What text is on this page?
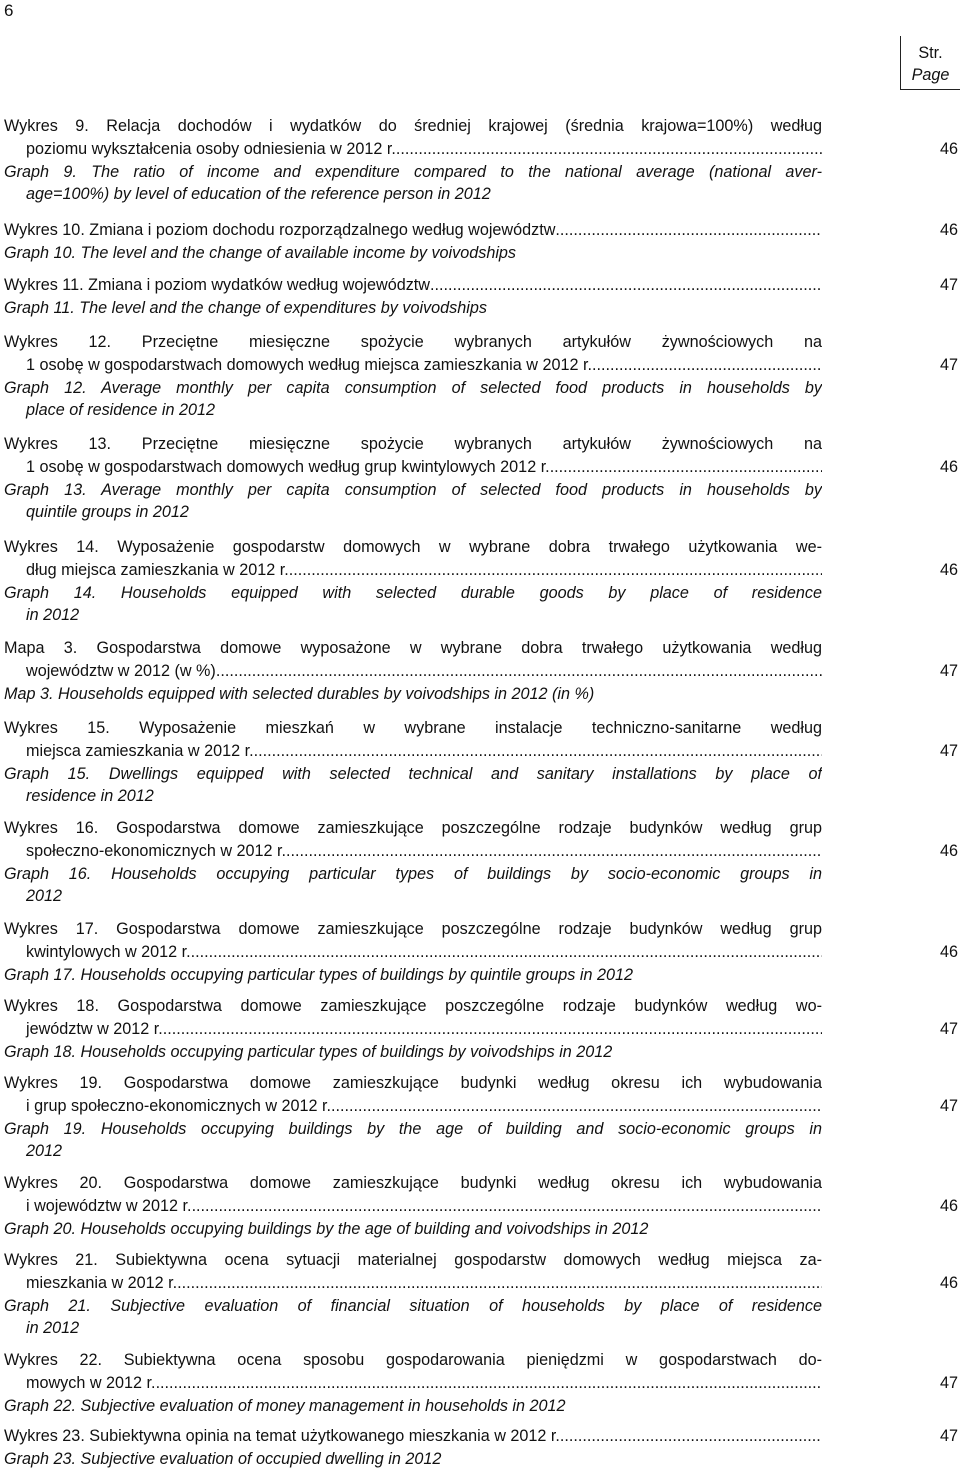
6
Str.
Page
Wykres 9. Relacja dochodów i wydatków do średniej krajowej (średnia krajowa=100%) według
poziomu wykształcenia osoby odniesienia w 2012 r.
.....
Graph 9. The ratio of income and expenditure compared to the national average (national aver-
age=100%) by level of education of the reference person in 2012
46
Wykres 10. Zmiana i poziom dochodu rozporządzalnego według województw
.....
Graph 10. The level and the change of available income by voivodships
46
Wykres 11. Zmiana i poziom wydatków według województw
.....
Graph 11. The level and the change of expenditures by voivodships
47
Wykres 12. Przeciętne miesięczne spożycie wybranych artykułów żywnościowych na
1 osobę w gospodarstwach domowych według miejsca zamieszkania w 2012 r.
.....
Graph 12. Average monthly per capita consumption of selected food products in households by
place of residence in 2012
47
Wykres 13. Przeciętne miesięczne spożycie wybranych artykułów żywnościowych na
1 osobę w gospodarstwach domowych według grup kwintylowych 2012 r.
.....
Graph 13. Average monthly per capita consumption of selected food products in households by
quintile groups in 2012
46
Wykres 14. Wyposażenie gospodarstw domowych w wybrane dobra trwałego użytkowania we-
dług miejsca zamieszkania w 2012 r.
.....
Graph 14. Households equipped with selected durable goods by place of residence
in 2012
46
Mapa 3. Gospodarstwa domowe wyposażone w wybrane dobra trwałego użytkowania według
województw w 2012 (w %)
.....
Map 3. Households equipped with selected durables by voivodships in 2012 (in %)
47
Wykres 15. Wyposażenie mieszkań w wybrane instalacje techniczno-sanitarne według
miejsca zamieszkania w 2012 r.
.....
Graph 15. Dwellings equipped with selected technical and sanitary installations by place of
residence in 2012
47
Wykres 16. Gospodarstwa domowe zamieszkujące poszczególne rodzaje budynków według grup
społeczno-ekonomicznych w 2012 r.
.....
Graph 16. Households occupying particular types of buildings by socio-economic groups in
2012
46
Wykres 17. Gospodarstwa domowe zamieszkujące poszczególne rodzaje budynków według grup
kwintylowych w 2012 r.
.....
Graph 17. Households occupying particular types of buildings by quintile groups in 2012
46
Wykres 18. Gospodarstwa domowe zamieszkujące poszczególne rodzaje budynków według wo-
jewództw w 2012 r.
.....
Graph 18. Households occupying particular types of buildings by voivodships in 2012
47
Wykres 19. Gospodarstwa domowe zamieszkujące budynki według okresu ich wybudowania
i grup społeczno-ekonomicznych w 2012 r.
.....
Graph 19. Households occupying buildings by the age of building and socio-economic groups in
2012
47
Wykres 20. Gospodarstwa domowe zamieszkujące budynki według okresu ich wybudowania
i województw w 2012 r.
.....
Graph 20. Households occupying buildings by the age of building and voivodships in 2012
46
Wykres 21. Subiektywna ocena sytuacji materialnej gospodarstw domowych według miejsca za-
mieszkania w 2012 r.
.....
Graph 21. Subjective evaluation of financial situation of households by place of residence
in 2012
46
Wykres 22. Subiektywna ocena sposobu gospodarowania pieniędzmi w gospodarstwach do-
mowych w 2012 r.
.....
Graph 22. Subjective evaluation of money management in households in 2012
47
Wykres 23. Subiektywna opinia na temat użytkowanego mieszkania w 2012 r.
.....
Graph 23. Subjective evaluation of occupied dwelling in 2012
47
